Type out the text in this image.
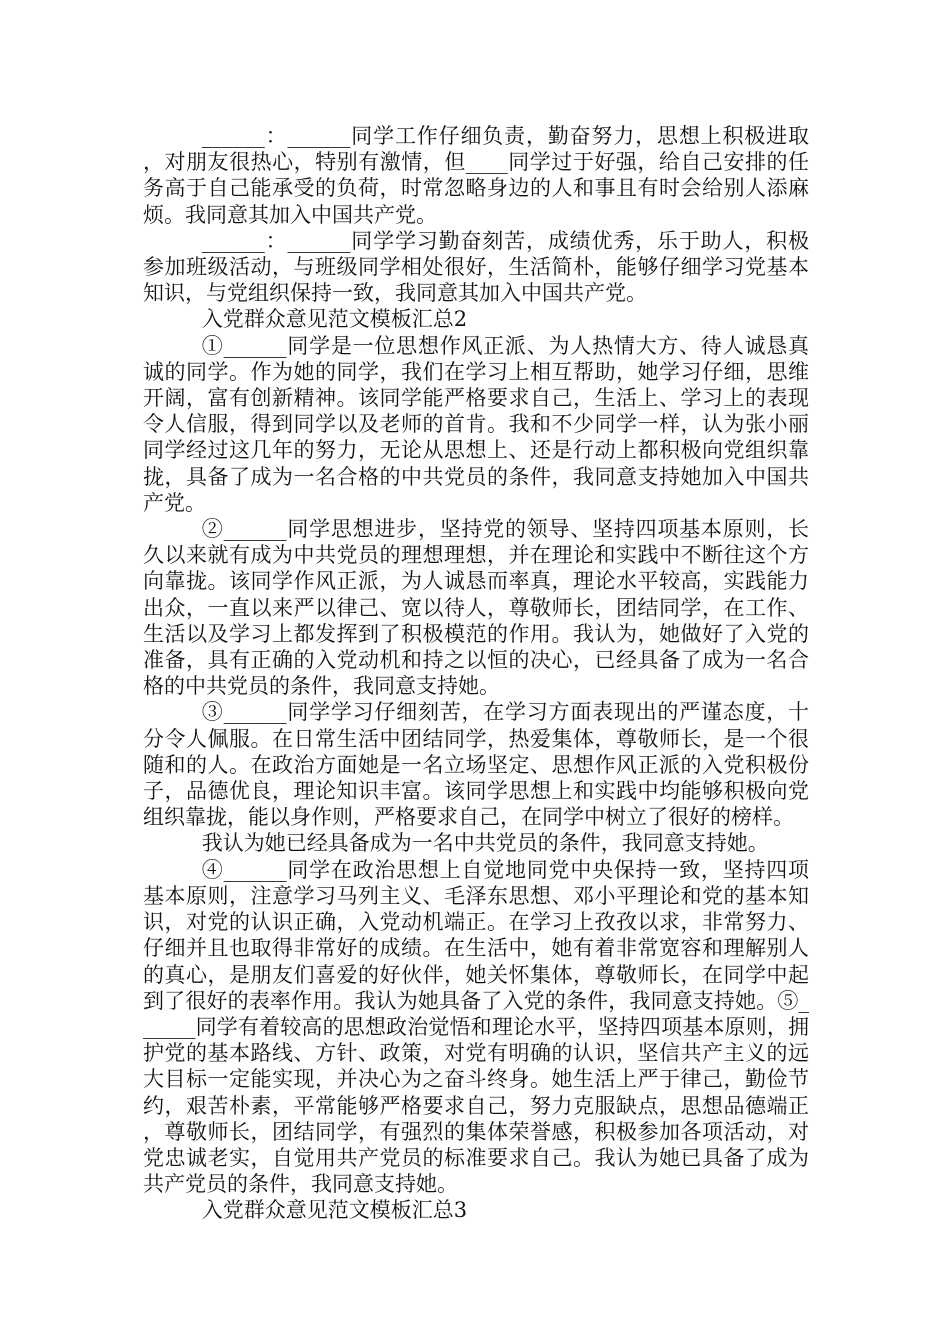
______：______同学工作仔细负责，勤奋努力，思想上积极进取，对朋友很热心，特别有激情，但____同学过于好强，给自己安排的任务高于自己能承受的负荷，时常忽略身边的人和事且有时会给别人添麻烦。我同意其加入中国共产党。

______：______同学学习勤奋刻苦，成绩优秀，乐于助人，积极参加班级活动，与班级同学相处很好，生活简朴，能够仔细学习党基本知识，与党组织保持一致，我同意其加入中国共产党。

入党群众意见范文模板汇总2

①______同学是一位思想作风正派、为人热情大方、待人诚恳真诚的同学。作为她的同学，我们在学习上相互帮助，她学习仔细，思维开阔，富有创新精神。该同学能严格要求自己，生活上、学习上的表现令人信服，得到同学以及老师的首肯。我和不少同学一样，认为张小丽同学经过这几年的努力，无论从思想上、还是行动上都积极向党组织靠拢，具备了成为一名合格的中共党员的条件，我同意支持她加入中国共产党。

②______同学思想进步，坚持党的领导、坚持四项基本原则，长久以来就有成为中共党员的理想理想，并在理论和实践中不断往这个方向靠拢。该同学作风正派，为人诚恳而率真，理论水平较高，实践能力出众，一直以来严以律己、宽以待人，尊敬师长，团结同学，在工作、生活以及学习上都发挥到了积极模范的作用。我认为，她做好了入党的准备，具有正确的入党动机和持之以恒的决心，已经具备了成为一名合格的中共党员的条件，我同意支持她。

③______同学学习仔细刻苦，在学习方面表现出的严谨态度，十分令人佩服。在日常生活中团结同学，热爱集体，尊敬师长，是一个很随和的人。在政治方面她是一名立场坚定、思想作风正派的入党积极份子，品德优良，理论知识丰富。该同学思想上和实践中均能够积极向党组织靠拢，能以身作则，严格要求自己，在同学中树立了很好的榜样。

我认为她已经具备成为一名中共党员的条件，我同意支持她。

④______同学在政治思想上自觉地同党中央保持一致，坚持四项基本原则，注意学习马列主义、毛泽东思想、邓小平理论和党的基本知识，对党的认识正确，入党动机端正。在学习上孜孜以求，非常努力、仔细并且也取得非常好的成绩。在生活中，她有着非常宽容和理解别人的真心，是朋友们喜爱的好伙伴，她关怀集体，尊敬师长，在同学中起到了很好的表率作用。我认为她具备了入党的条件，我同意支持她。⑤______同学有着较高的思想政治觉悟和理论水平，坚持四项基本原则，拥护党的基本路线、方针、政策，对党有明确的认识，坚信共产主义的远大目标一定能实现，并决心为之奋斗终身。她生活上严于律己，勤俭节约，艰苦朴素，平常能够严格要求自己，努力克服缺点，思想品德端正，尊敬师长，团结同学，有强烈的集体荣誉感，积极参加各项活动，对党忠诚老实，自觉用共产党员的标准要求自己。我认为她已具备了成为共产党员的条件，我同意支持她。

入党群众意见范文模板汇总3
